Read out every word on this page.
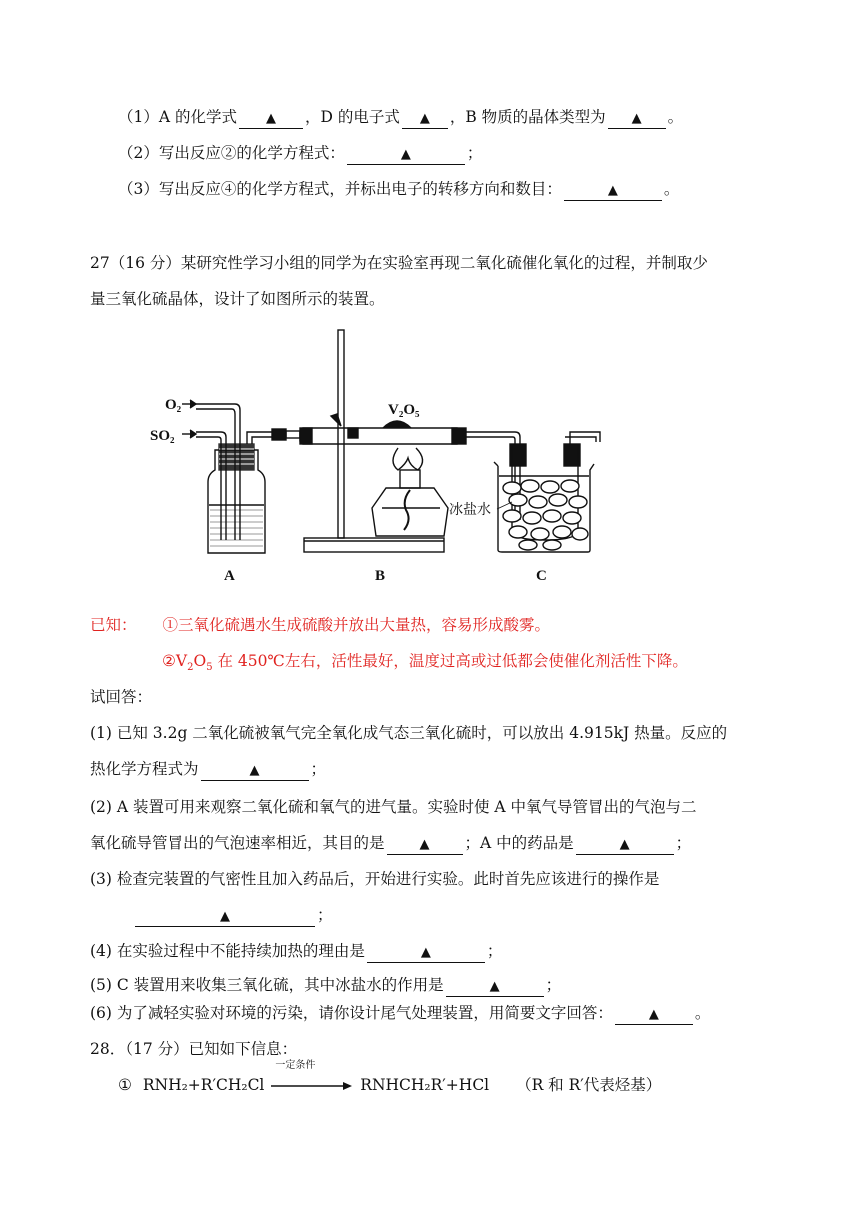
（1）A 的化学式 ▲ ，D 的电子式 ▲ ，B 物质的晶体类型为 ▲ 。
（2）写出反应②的化学方程式：	▲	；
（3）写出反应④的化学方程式，并标出电子的转移方向和数目：	▲	。
27（16 分）某研究性学习小组的同学为在实验室再现二氧化硫催化氧化的过程，并制取少
量三氧化硫晶体，设计了如图所示的装置。
O₂
SO₂
V₂O₅
A	B	C
冰盐水
已知： ①三氧化硫遇水生成硫酸并放出大量热，容易形成酸雾。
$②V_2O_5$ 在 450℃左右，活性最好，温度过高或过低都会使催化剂活性下降。
试回答：
(1) 已知 3.2g 二氧化硫被氧气完全氧化成气态三氧化硫时，可以放出 4.915kJ 热量。反应的
热化学方程式为	▲	；
(2) A 装置可用来观察二氧化硫和氧气的进气量。实验时使 A 中氧气导管冒出的气泡与二
氧化硫导管冒出的气泡速率相近，其目的是	▲ ；A 中的药品是	▲	；
(3) 检查完装置的气密性且加入药品后，开始进行实验。此时首先应该进行的操作是
▲	；
(4) 在实验过程中不能持续加热的理由是	▲	；
(5) C 装置用来收集三氧化硫，其中冰盐水的作用是	▲	；
(6) 为了减轻实验对环境的污染，请你设计尾气处理装置，用简要文字回答：	▲ 。
28．（17 分）已知如下信息：
① RNH₂+R′CH₂Cl
一定条件
RNHCH₂R′+HCl （R 和 R′代表烃基）
